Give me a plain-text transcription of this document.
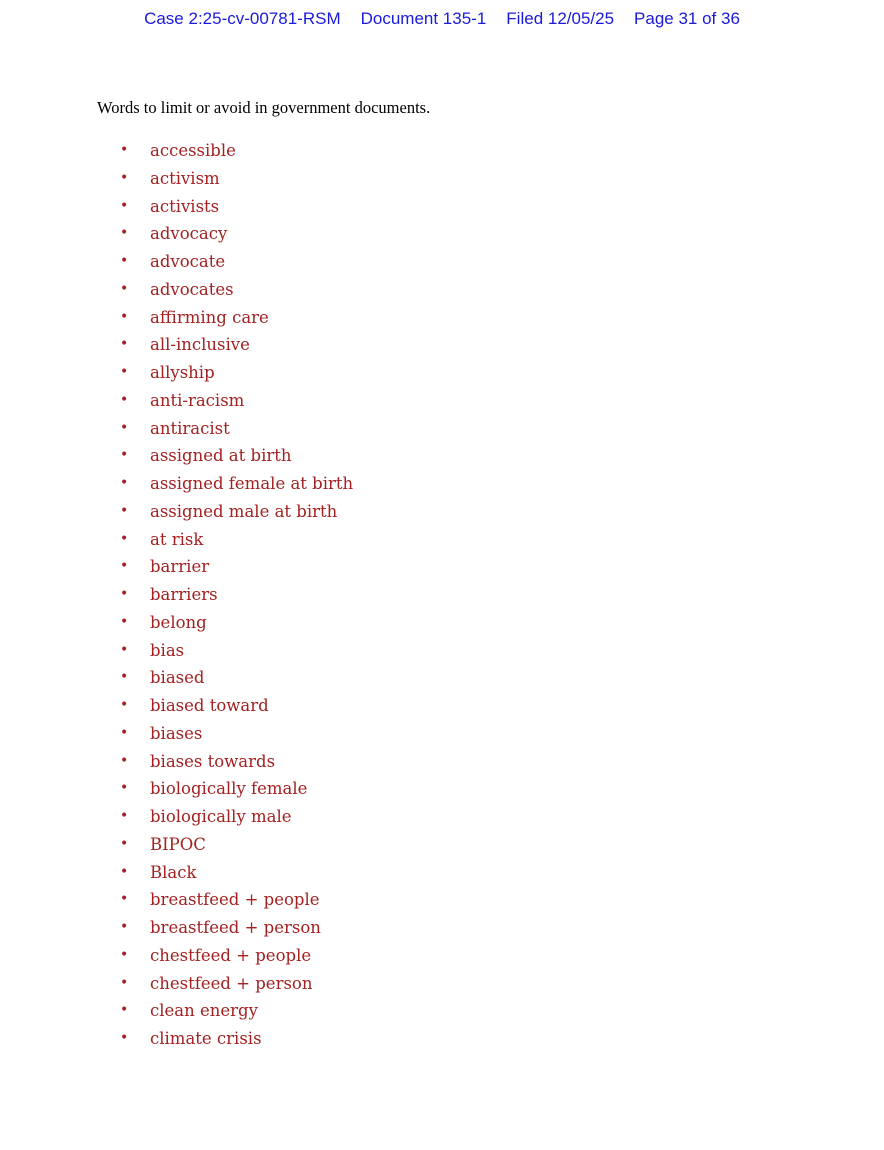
Case 2:25-cv-00781-RSM Document 135-1 Filed 12/05/25 Page 31 of 36
Words to limit or avoid in government documents.
• accessible
• activism
• activists
• advocacy
• advocate
• advocates
• affirming care
• all-inclusive
• allyship
• anti-racism
• antiracist
• assigned at birth
• assigned female at birth
• assigned male at birth
• at risk
• barrier
• barriers
• belong
• bias
• biased
• biased toward
• biases
• biases towards
• biologically female
• biologically male
• BIPOC
• Black
• breastfeed + people
• breastfeed + person
• chestfeed + people
• chestfeed + person
• clean energy
• climate crisis
